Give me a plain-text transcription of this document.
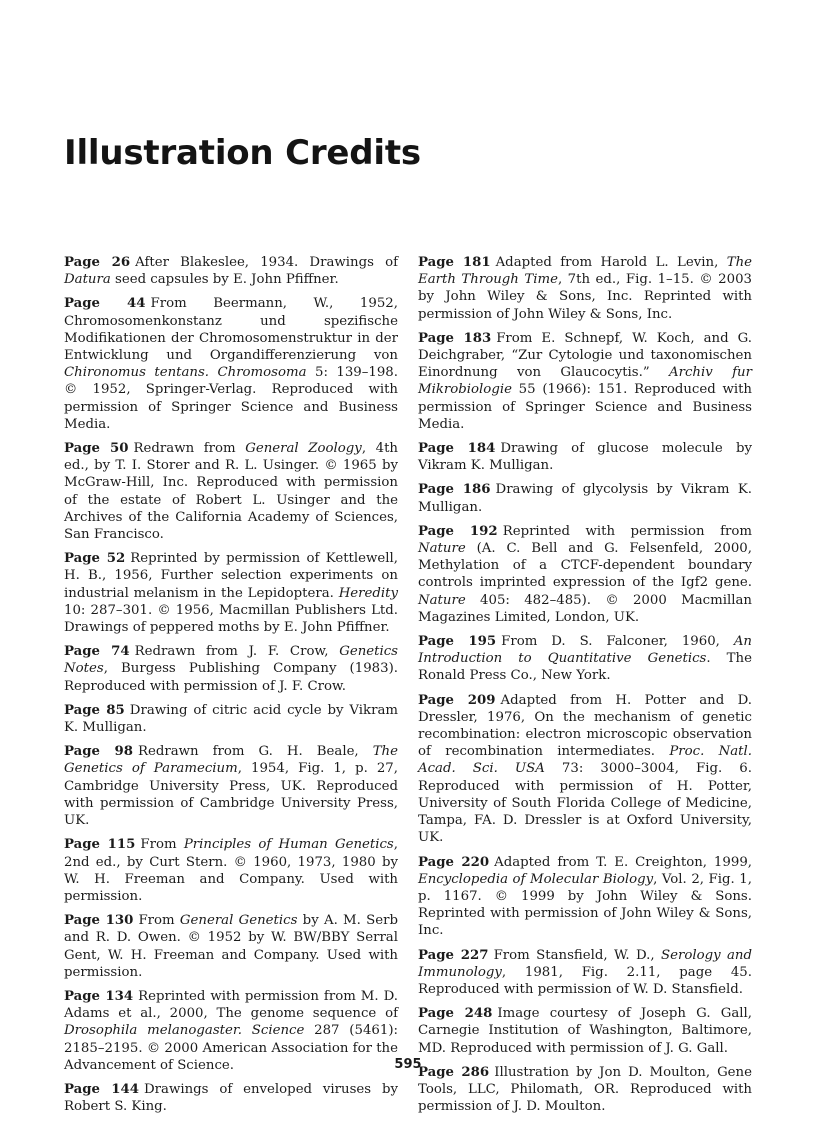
Illustration Credits

Page 26 After Blakeslee, 1934. Drawings of Datura seed capsules by E. John Pfiffner.

Page 44 From Beermann, W., 1952, Chromosomenkonstanz und spezifische Modifikationen der Chromosomenstruktur in der Entwicklung und Organdifferenzierung von Chironomus tentans. Chromosoma 5: 139–198. © 1952, Springer-Verlag. Reproduced with permission of Springer Science and Business Media.

Page 50 Redrawn from General Zoology, 4th ed., by T. I. Storer and R. L. Usinger. © 1965 by McGraw-Hill, Inc. Reproduced with permission of the estate of Robert L. Usinger and the Archives of the California Academy of Sciences, San Francisco.

Page 52 Reprinted by permission of Kettlewell, H. B., 1956, Further selection experiments on industrial melanism in the Lepidoptera. Heredity 10: 287–301. © 1956, Macmillan Publishers Ltd. Drawings of peppered moths by E. John Pfiffner.

Page 74 Redrawn from J. F. Crow, Genetics Notes, Burgess Publishing Company (1983). Reproduced with permission of J. F. Crow.

Page 85 Drawing of citric acid cycle by Vikram K. Mulligan.

Page 98 Redrawn from G. H. Beale, The Genetics of Paramecium, 1954, Fig. 1, p. 27, Cambridge University Press, UK. Reproduced with permission of Cambridge University Press, UK.

Page 115 From Principles of Human Genetics, 2nd ed., by Curt Stern. © 1960, 1973, 1980 by W. H. Freeman and Company. Used with permission.

Page 130 From General Genetics by A. M. Serb and R. D. Owen. © 1952 by W. BW/BBY Serral Gent, W. H. Freeman and Company. Used with permission.

Page 134 Reprinted with permission from M. D. Adams et al., 2000, The genome sequence of Drosophila melanogaster. Science 287 (5461): 2185–2195. © 2000 American Association for the Advancement of Science.

Page 144 Drawings of enveloped viruses by Robert S. King.

Page 181 Adapted from Harold L. Levin, The Earth Through Time, 7th ed., Fig. 1–15. © 2003 by John Wiley & Sons, Inc. Reprinted with permission of John Wiley & Sons, Inc.

Page 183 From E. Schnepf, W. Koch, and G. Deichgraber, “Zur Cytologie und taxonomischen Einordnung von Glaucocytis.” Archiv fur Mikrobiologie 55 (1966): 151. Reproduced with permission of Springer Science and Business Media.

Page 184 Drawing of glucose molecule by Vikram K. Mulligan.

Page 186 Drawing of glycolysis by Vikram K. Mulligan.

Page 192 Reprinted with permission from Nature (A. C. Bell and G. Felsenfeld, 2000, Methylation of a CTCF-dependent boundary controls imprinted expression of the Igf2 gene. Nature 405: 482–485). © 2000 Macmillan Magazines Limited, London, UK.

Page 195 From D. S. Falconer, 1960, An Introduction to Quantitative Genetics. The Ronald Press Co., New York.

Page 209 Adapted from H. Potter and D. Dressler, 1976, On the mechanism of genetic recombination: electron microscopic observation of recombination intermediates. Proc. Natl. Acad. Sci. USA 73: 3000–3004, Fig. 6. Reproduced with permission of H. Potter, University of South Florida College of Medicine, Tampa, FA. D. Dressler is at Oxford University, UK.

Page 220 Adapted from T. E. Creighton, 1999, Encyclopedia of Molecular Biology, Vol. 2, Fig. 1, p. 1167. © 1999 by John Wiley & Sons. Reprinted with permission of John Wiley & Sons, Inc.

Page 227 From Stansfield, W. D., Serology and Immunology, 1981, Fig. 2.11, page 45. Reproduced with permission of W. D. Stansfield.

Page 248 Image courtesy of Joseph G. Gall, Carnegie Institution of Washington, Baltimore, MD. Reproduced with permission of J. G. Gall.

Page 286 Illustration by Jon D. Moulton, Gene Tools, LLC, Philomath, OR. Reproduced with permission of J. D. Moulton.

595
